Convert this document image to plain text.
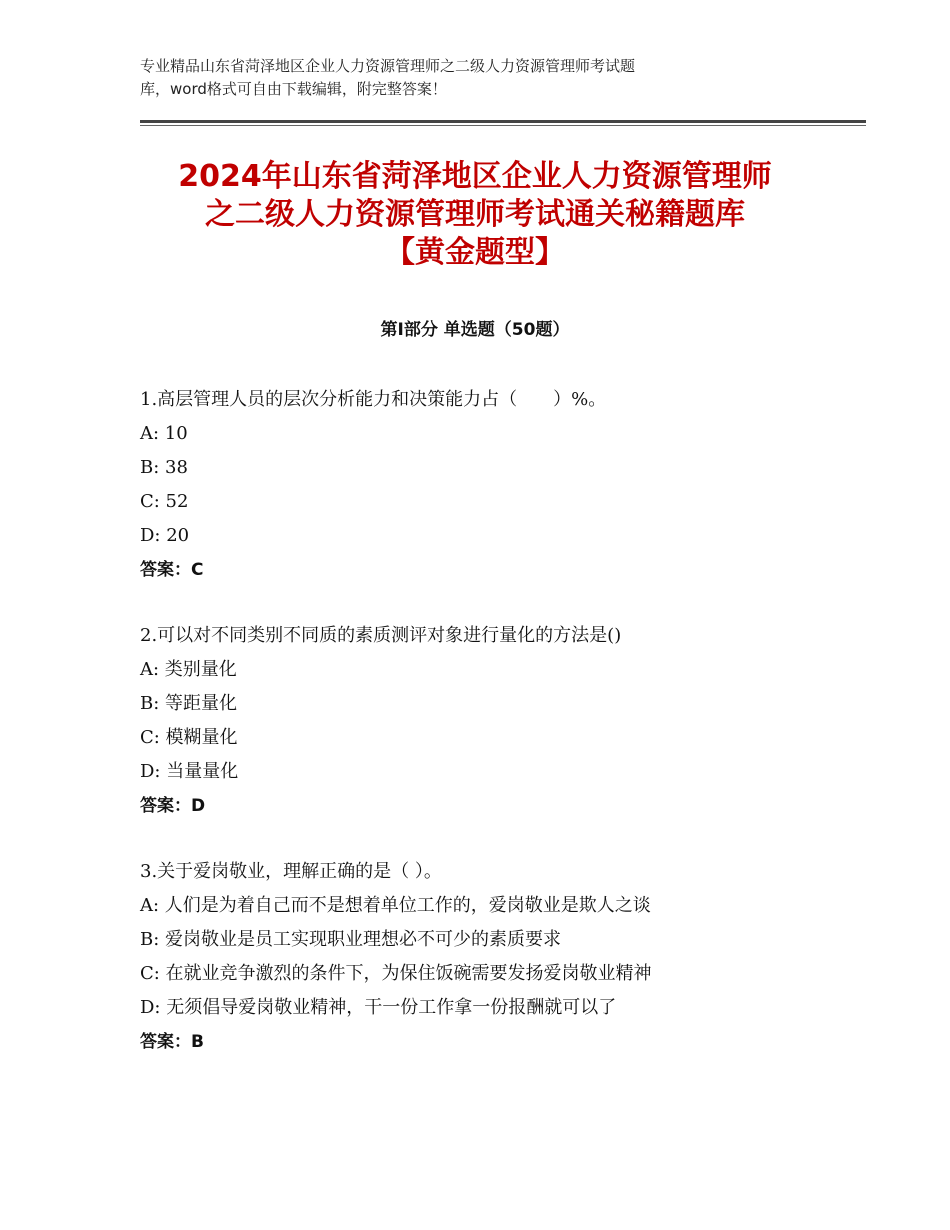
专业精品山东省菏泽地区企业人力资源管理师之二级人力资源管理师考试题
库，word格式可自由下载编辑，附完整答案！
2024年山东省菏泽地区企业人力资源管理师
之二级人力资源管理师考试通关秘籍题库
【黄金题型】
第Ⅰ部分 单选题（50题）
1.高层管理人员的层次分析能力和决策能力占（　　）%。
A: 10
B: 38
C: 52
D: 20
答案：C
2.可以对不同类别不同质的素质测评对象进行量化的方法是()
A: 类别量化
B: 等距量化
C: 模糊量化
D: 当量量化
答案：D
3.关于爱岗敬业，理解正确的是（ ）。
A: 人们是为着自己而不是想着单位工作的，爱岗敬业是欺人之谈
B: 爱岗敬业是员工实现职业理想必不可少的素质要求
C: 在就业竞争激烈的条件下，为保住饭碗需要发扬爱岗敬业精神
D: 无须倡导爱岗敬业精神，干一份工作拿一份报酬就可以了
答案：B
